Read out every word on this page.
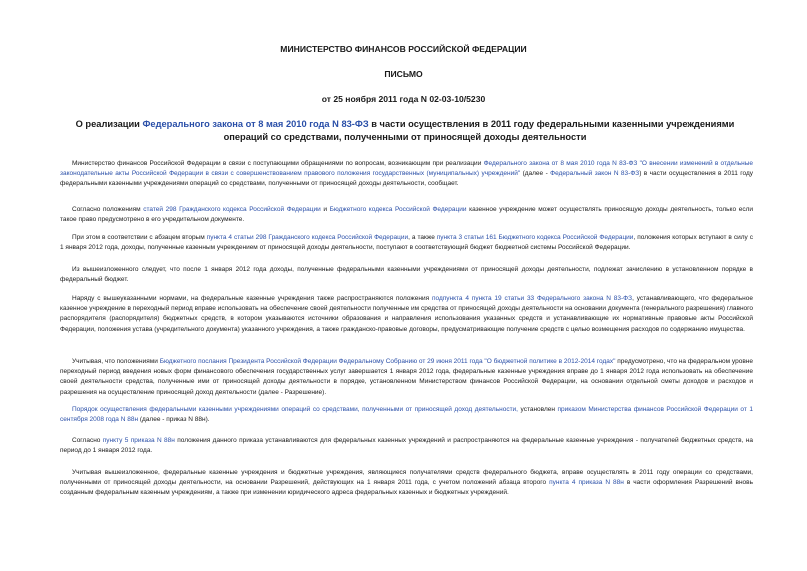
МИНИСТЕРСТВО ФИНАНСОВ РОССИЙСКОЙ ФЕДЕРАЦИИ
ПИСЬМО
от 25 ноября 2011 года N 02-03-10/5230
О реализации Федерального закона от 8 мая 2010 года N 83-ФЗ в части осуществления в 2011 году федеральными казенными учреждениями операций со средствами, полученными от приносящей доходы деятельности

Министерство финансов Российской Федерации в связи с поступающими обращениями по вопросам, возникающим при реализации Федерального закона от 8 мая 2010 года N 83-ФЗ "О внесении изменений в отдельные законодательные акты Российской Федерации в связи с совершенствованием правового положения государственных (муниципальных) учреждений" (далее - Федеральный закон N 83-ФЗ) в части осуществления в 2011 году федеральными казенными учреждениями операций со средствами, полученными от приносящей доходы деятельности, сообщает.

Согласно положениям статей 298 Гражданского кодекса Российской Федерации и Бюджетного кодекса Российской Федерации казенное учреждение может осуществлять приносящую доходы деятельность, только если такое право предусмотрено в его учредительном документе.

При этом в соответствии с абзацем вторым пункта 4 статьи 298 Гражданского кодекса Российской Федерации, а также пункта 3 статьи 161 Бюджетного кодекса Российской Федерации, положения которых вступают в силу с 1 января 2012 года, доходы, полученные казенным учреждением от приносящей доходы деятельности, поступают в соответствующий бюджет бюджетной системы Российской Федерации.

Из вышеизложенного следует, что после 1 января 2012 года доходы, полученные федеральными казенными учреждениями от приносящей доходы деятельности, подлежат зачислению в установленном порядке в федеральный бюджет.

Наряду с вышеуказанными нормами, на федеральные казенные учреждения также распространяются положения подпункта 4 пункта 19 статьи 33 Федерального закона N 83-ФЗ, устанавливающего, что федеральное казенное учреждение в переходный период вправе использовать на обеспечение своей деятельности полученные им средства от приносящей доходы деятельности на основании документа (генерального разрешения) главного распорядителя (распорядителя) бюджетных средств, в котором указываются источники образования и направления использования указанных средств и устанавливающие их нормативные правовые акты Российской Федерации, положения устава (учредительного документа) указанного учреждения, а также гражданско-правовые договоры, предусматривающие получение средств с целью возмещения расходов по содержанию имущества.

Учитывая, что положениями Бюджетного послания Президента Российской Федерации Федеральному Собранию от 29 июня 2011 года "О бюджетной политике в 2012-2014 годах" предусмотрено, что на федеральном уровне переходный период введения новых форм финансового обеспечения государственных услуг завершается 1 января 2012 года, федеральные казенные учреждения вправе до 1 января 2012 года использовать на обеспечение своей деятельности средства, полученные ими от приносящей доходы деятельности в порядке, установленном Министерством финансов Российской Федерации, на основании отдельной сметы доходов и расходов и разрешения на осуществление приносящей доход деятельности (далее - Разрешение).

Порядок осуществления федеральными казенными учреждениями операций со средствами, полученными от приносящей доход деятельности, установлен приказом Министерства финансов Российской Федерации от 1 сентября 2008 года N 88н (далее - приказ N 88н).

Согласно пункту 5 приказа N 88н положения данного приказа устанавливаются для федеральных казенных учреждений и распространяются на федеральные казенные учреждения - получателей бюджетных средств, на период до 1 января 2012 года.

Учитывая вышеизложенное, федеральные казенные учреждения и бюджетные учреждения, являющиеся получателями средств федерального бюджета, вправе осуществлять в 2011 году операции со средствами, полученными от приносящей доходы деятельности, на основании Разрешений, действующих на 1 января 2011 года, с учетом положений абзаца второго пункта 4 приказа N 88н в части оформления Разрешений вновь созданным федеральным казенным учреждениям, а также при изменении юридического адреса федеральных казенных и бюджетных учреждений.
